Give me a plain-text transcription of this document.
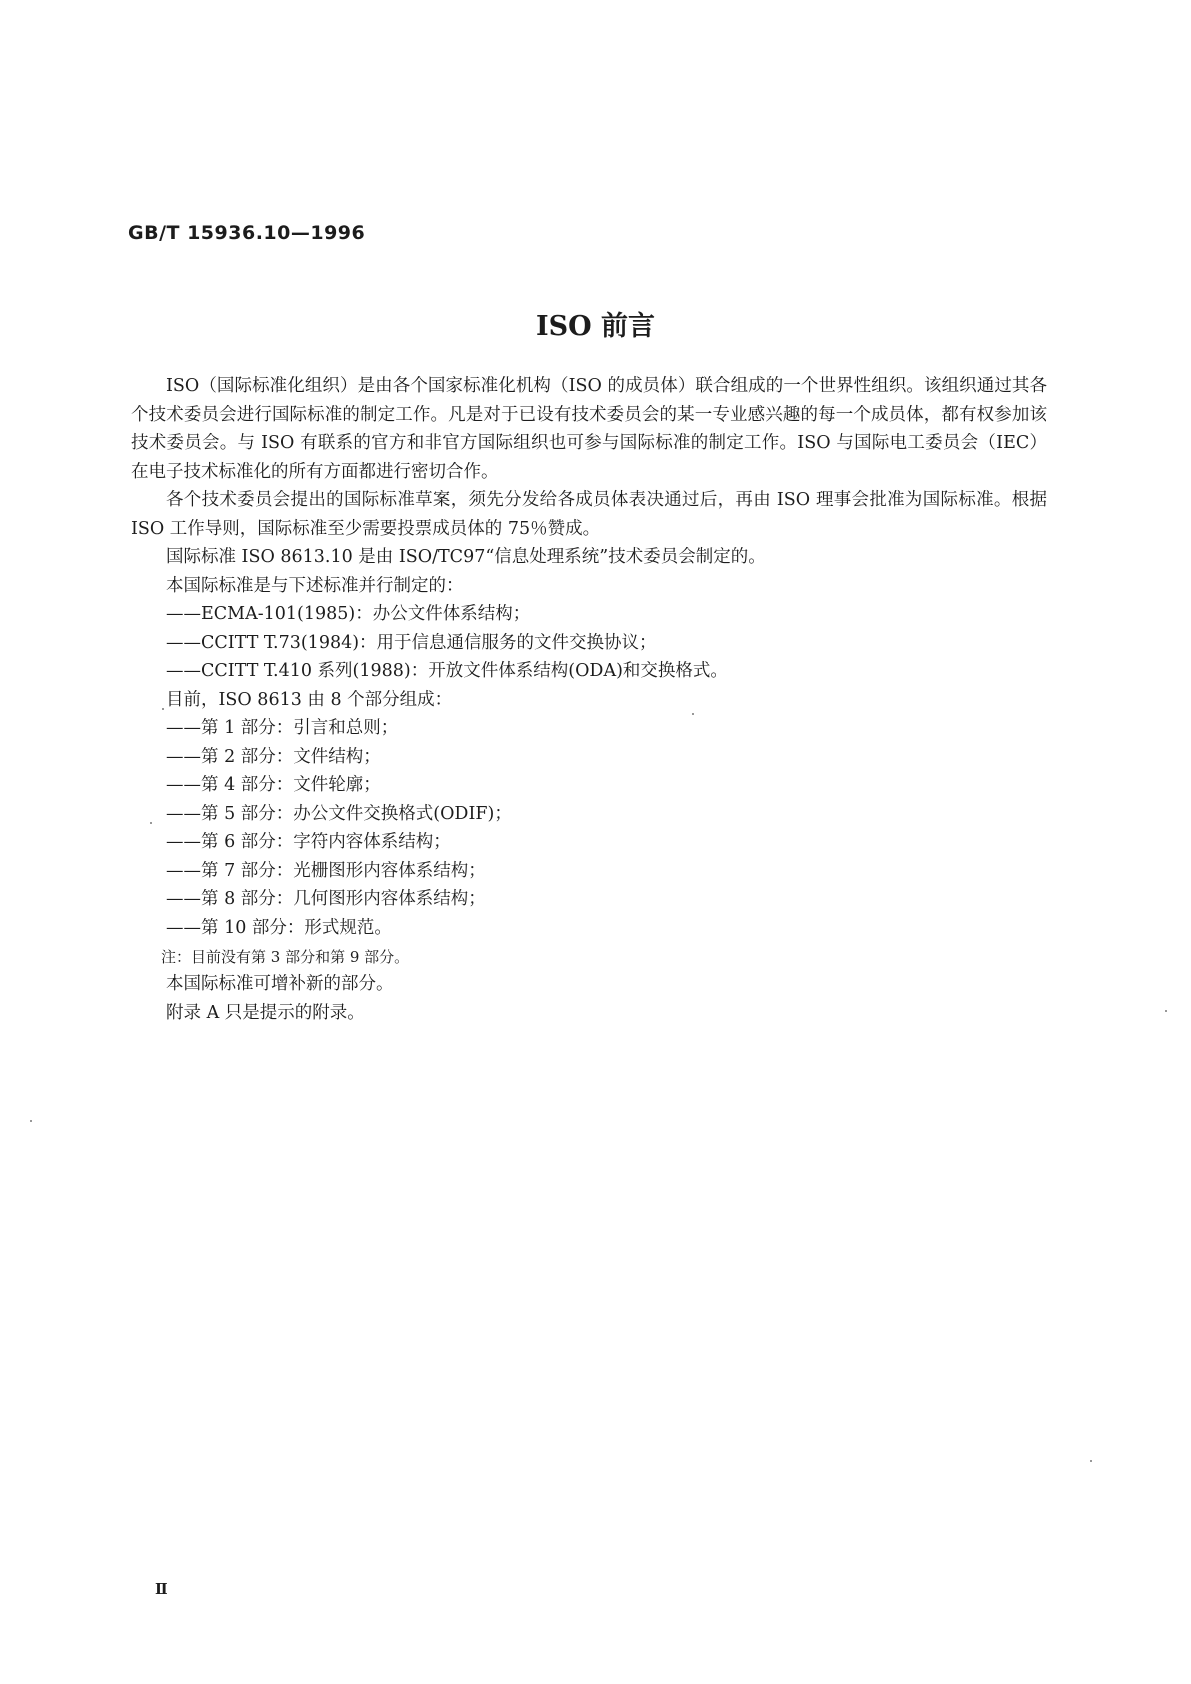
GB/T 15936.10—1996
ISO 前言

ISO（国际标准化组织）是由各个国家标准化机构（ISO 的成员体）联合组成的一个世界性组织。该组织通过其各个技术委员会进行国际标准的制定工作。凡是对于已设有技术委员会的某一专业感兴趣的每一个成员体，都有权参加该技术委员会。与 ISO 有联系的官方和非官方国际组织也可参与国际标准的制定工作。ISO 与国际电工委员会（IEC）在电子技术标准化的所有方面都进行密切合作。

各个技术委员会提出的国际标准草案，须先分发给各成员体表决通过后，再由 ISO 理事会批准为国际标准。根据 ISO 工作导则，国际标准至少需要投票成员体的 75％赞成。

国际标准 ISO 8613.10 是由 ISO/TC97“信息处理系统”技术委员会制定的。

本国际标准是与下述标准并行制定的：

——ECMA-101(1985)：办公文件体系结构；

——CCITT T.73(1984)：用于信息通信服务的文件交换协议；

——CCITT T.410 系列(1988)：开放文件体系结构(ODA)和交换格式。

目前，ISO 8613 由 8 个部分组成：

——第 1 部分：引言和总则；

——第 2 部分：文件结构；

——第 4 部分：文件轮廓；

——第 5 部分：办公文件交换格式(ODIF)；

——第 6 部分：字符内容体系结构；

——第 7 部分：光栅图形内容体系结构；

——第 8 部分：几何图形内容体系结构；

——第 10 部分：形式规范。

注：目前没有第 3 部分和第 9 部分。

本国际标准可增补新的部分。

附录 A 只是提示的附录。

Ⅱ
